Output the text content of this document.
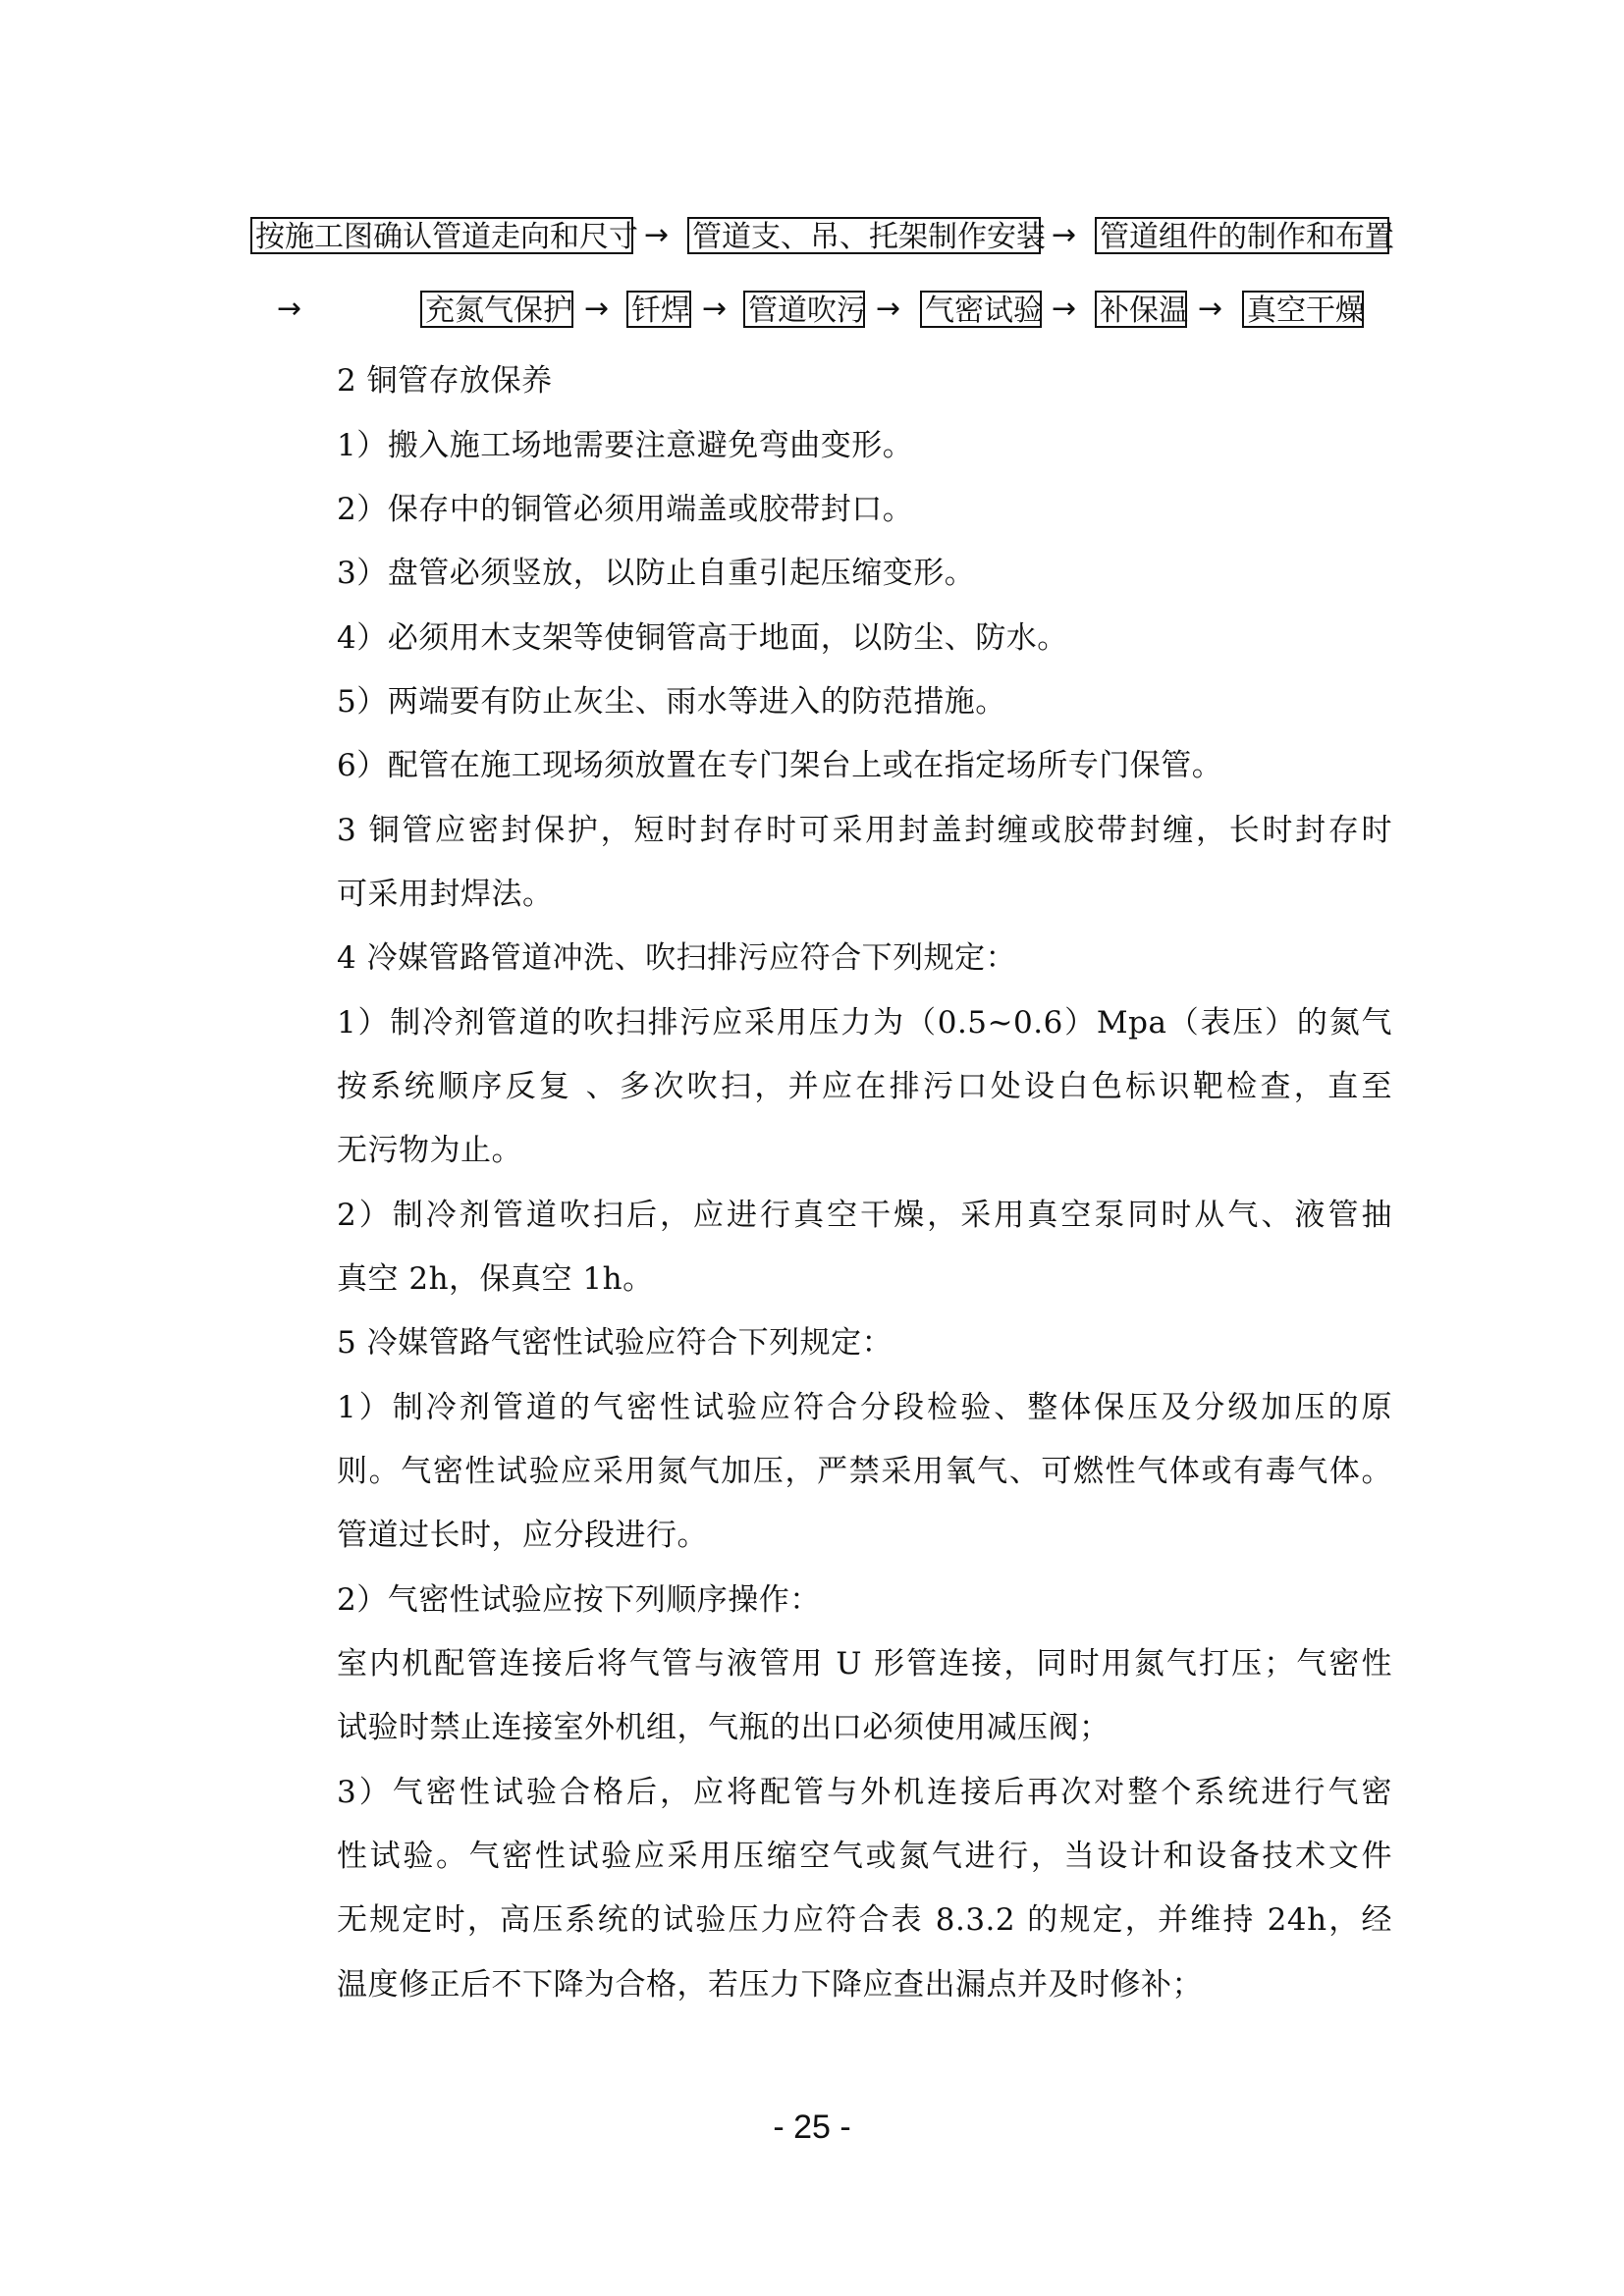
按施工图确认管道走向和尺寸 → 管道支、吊、托架制作安装 → 管道组件的制作和布置
→	充氮气保护 → 钎焊 → 管道吹污 → 气密试验 → 补保温 → 真空干燥
2 铜管存放保养
1）搬入施工场地需要注意避免弯曲变形。
2）保存中的铜管必须用端盖或胶带封口。
3）盘管必须竖放，以防止自重引起压缩变形。
4）必须用木支架等使铜管高于地面，以防尘、防水。
5）两端要有防止灰尘、雨水等进入的防范措施。
6）配管在施工现场须放置在专门架台上或在指定场所专门保管。
3 铜管应密封保护，短时封存时可采用封盖封缠或胶带封缠，长时封存时
可采用封焊法。
4 冷媒管路管道冲洗、吹扫排污应符合下列规定：
1）制冷剂管道的吹扫排污应采用压力为（0.5~0.6）Mpa（表压）的氮气
按系统顺序反复 、多次吹扫，并应在排污口处设白色标识靶检查，直至
无污物为止。
2）制冷剂管道吹扫后，应进行真空干燥，采用真空泵同时从气、液管抽
真空 2h，保真空 1h。
5 冷媒管路气密性试验应符合下列规定：
1）制冷剂管道的气密性试验应符合分段检验、整体保压及分级加压的原
则。气密性试验应采用氮气加压，严禁采用氧气、可燃性气体或有毒气体。
管道过长时，应分段进行。
2）气密性试验应按下列顺序操作：
室内机配管连接后将气管与液管用 U 形管连接，同时用氮气打压；气密性
试验时禁止连接室外机组，气瓶的出口必须使用减压阀；
3）气密性试验合格后，应将配管与外机连接后再次对整个系统进行气密
性试验。气密性试验应采用压缩空气或氮气进行，当设计和设备技术文件
无规定时，高压系统的试验压力应符合表 8.3.2 的规定，并维持 24h，经
温度修正后不下降为合格，若压力下降应查出漏点并及时修补；
- 25 -
